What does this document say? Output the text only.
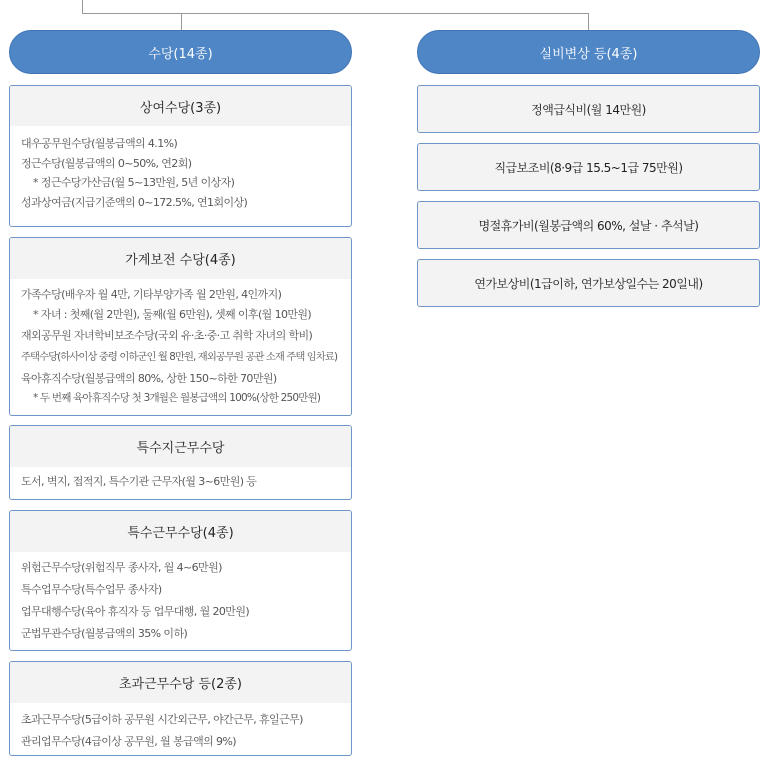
수당(14종)	실비변상 등(4종)
상여수당(3종)
대우공무원수당(월봉급액의 4.1%)
정근수당(월봉급액의 0~50%, 연2회)
* 정근수당가산금(월 5~13만원, 5년 이상자)
성과상여금(지급기준액의 0~172.5%, 연1회이상)
가계보전 수당(4종)
가족수당(배우자 월 4만, 기타부양가족 월 2만원, 4인까지)
* 자녀 : 첫째(월 2만원), 둘째(월 6만원), 셋째 이후(월 10만원)
재외공무원 자녀학비보조수당(국외 유·초·중·고 취학 자녀의 학비)
주택수당(하사이상 중령 이하군인 월 8만원, 재외공무원 공관 소재 주택 임차료)
육아휴직수당(월봉급액의 80%, 상한 150~하한 70만원)
* 두 번째 육아휴직수당 첫 3개월은 월봉급액의 100%(상한 250만원)
특수지근무수당
도서, 벽지, 접적지, 특수기관 근무자(월 3~6만원) 등
특수근무수당(4종)
위험근무수당(위험직무 종사자, 월 4~6만원)
특수업무수당(특수업무 종사자)
업무대행수당(육아 휴직자 등 업무대행, 월 20만원)
군법무관수당(월봉급액의 35% 이하)
초과근무수당 등(2종)
초과근무수당(5급이하 공무원 시간외근무, 야간근무, 휴일근무)
관리업무수당(4급이상 공무원, 월 봉급액의 9%)
정액급식비(월 14만원)
직급보조비(8·9급 15.5~1급 75만원)
명절휴가비(월봉급액의 60%, 설날 · 추석날)
연가보상비(1급이하, 연가보상일수는 20일내)
